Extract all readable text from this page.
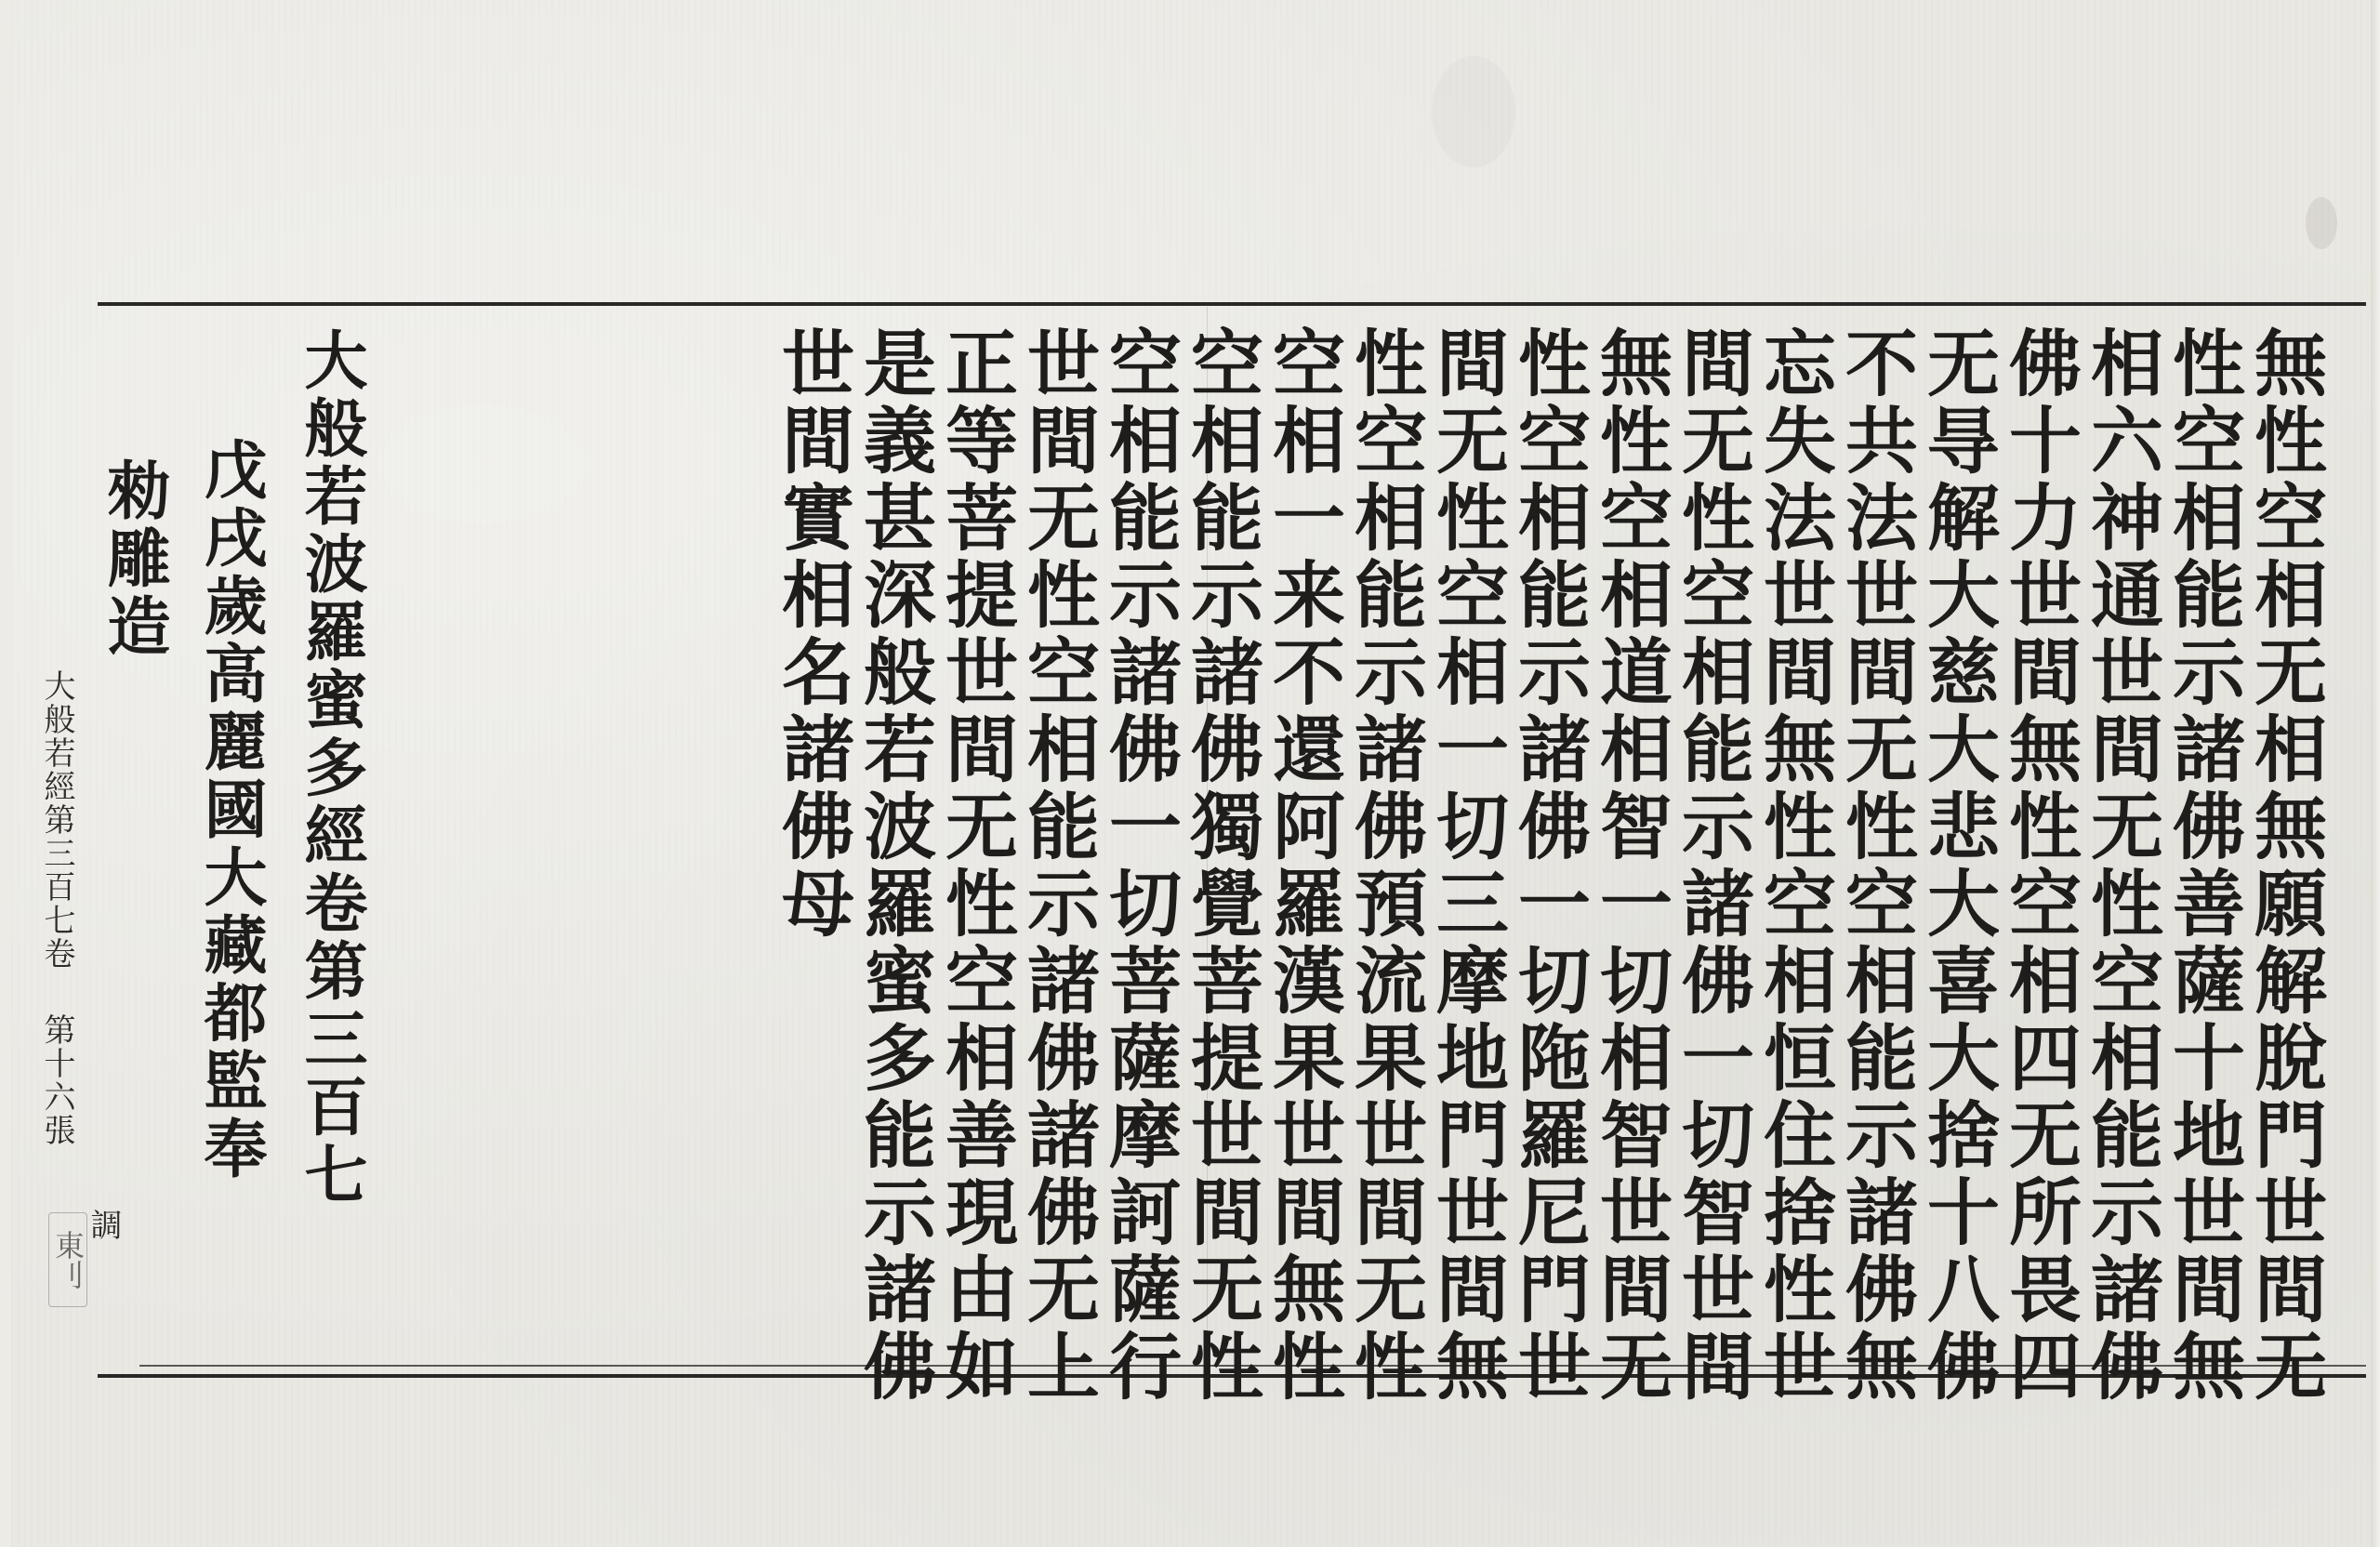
無性空相无相無願解脫門世間无
性空相能示諸佛善薩十地世間無
相六神通世間无性空相能示諸佛
佛十力世間無性空相四无所畏四
无㝵解大慈大悲大喜大捨十八佛
不共法世間无性空相能示諸佛無
忘失法世間無性空相恒住捨性世
間无性空相能示諸佛一切智世間
無性空相道相智一切相智世間无
性空相能示諸佛一切陁羅尼門世
間无性空相一切三摩地門世間無
性空相能示諸佛預流果世間无性
空相一来不還阿羅漢果世間無性
空相能示諸佛獨覺菩提世間无性
空相能示諸佛一切菩薩摩訶薩行
世間无性空相能示諸佛諸佛无上
正等菩提世間无性空相善現由如
是義甚深般若波羅蜜多能示諸佛
世間實相名諸佛母
大般若波羅蜜多經卷第三百七
戊戌歲高麗國大藏都監奉
勑雕造
大般若經第三百七卷
第十六張
調
東刂
